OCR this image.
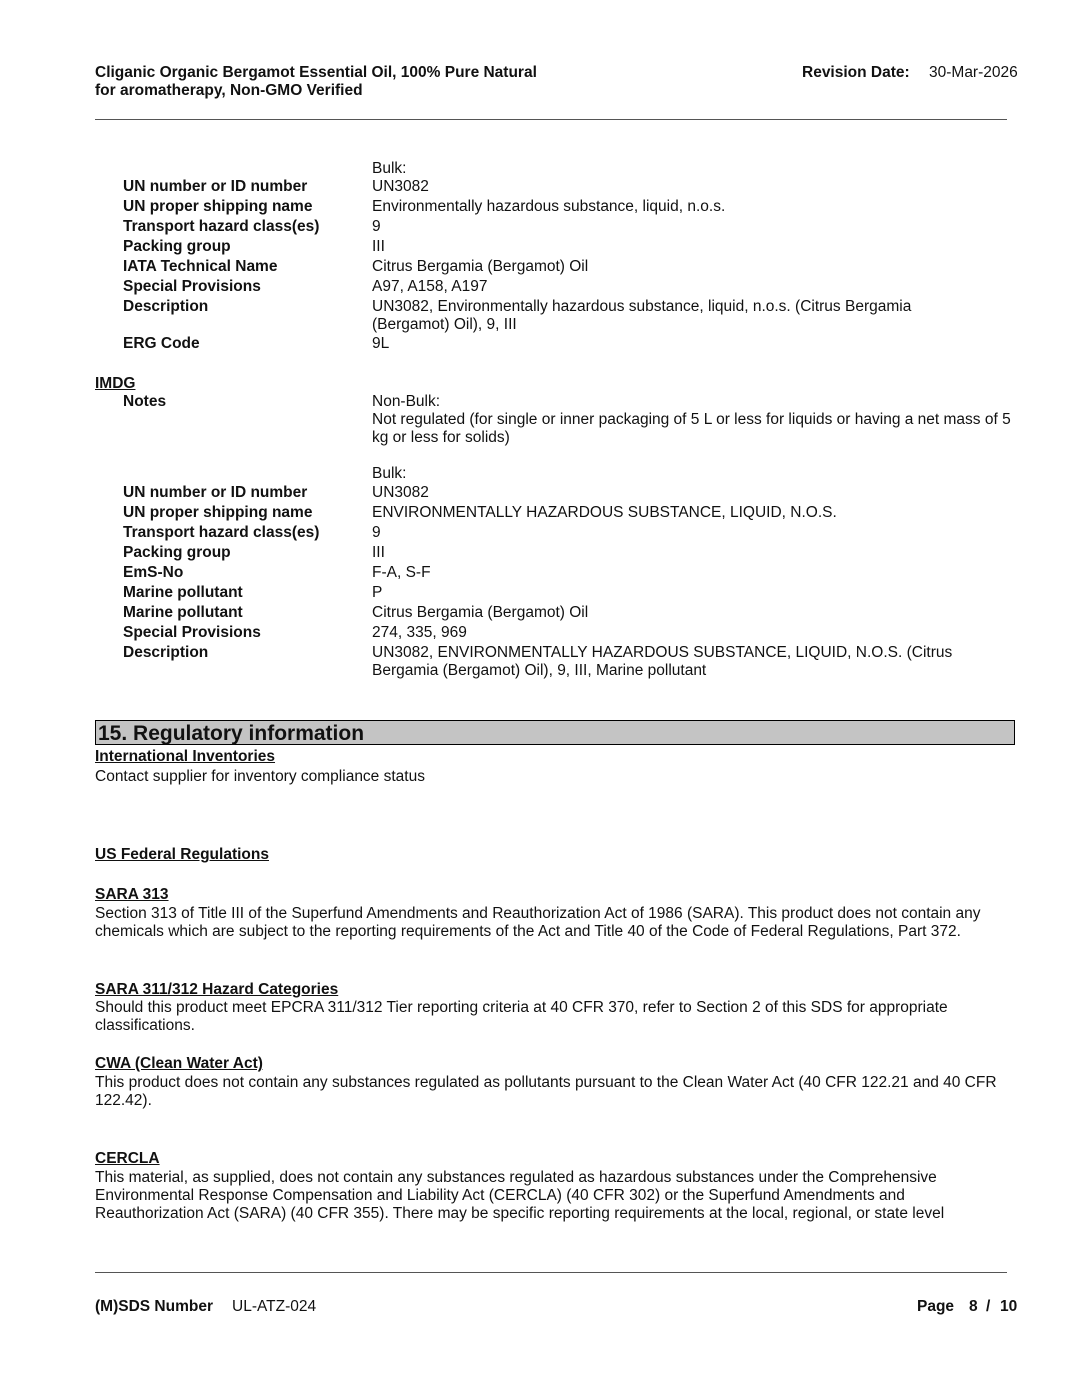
Cliganic Organic Bergamot Essential Oil, 100% Pure Natural
for aromatherapy, Non-GMO Verified
Revision Date: 30-Mar-2026
Bulk:
UN number or ID number	UN3082
UN proper shipping name	Environmentally hazardous substance, liquid, n.o.s.
Transport hazard class(es)	9
Packing group	III
IATA Technical Name	Citrus Bergamia (Bergamot) Oil
Special Provisions	A97, A158, A197
Description	UN3082, Environmentally hazardous substance, liquid, n.o.s. (Citrus Bergamia (Bergamot) Oil), 9, III
ERG Code	9L
IMDG
Notes	Non-Bulk:
Not regulated (for single or inner packaging of 5 L or less for liquids or having a net mass of 5 kg or less for solids)
Bulk:
UN number or ID number	UN3082
UN proper shipping name	ENVIRONMENTALLY HAZARDOUS SUBSTANCE, LIQUID, N.O.S.
Transport hazard class(es)	9
Packing group	III
EmS-No	F-A, S-F
Marine pollutant	P
Marine pollutant	Citrus Bergamia (Bergamot) Oil
Special Provisions	274, 335, 969
Description	UN3082, ENVIRONMENTALLY HAZARDOUS SUBSTANCE, LIQUID, N.O.S. (Citrus Bergamia (Bergamot) Oil), 9, III, Marine pollutant
15. Regulatory information
International Inventories
Contact supplier for inventory compliance status
US Federal Regulations
SARA 313
Section 313 of Title III of the Superfund Amendments and Reauthorization Act of 1986 (SARA). This product does not contain any chemicals which are subject to the reporting requirements of the Act and Title 40 of the Code of Federal Regulations, Part 372.
SARA 311/312 Hazard Categories
Should this product meet EPCRA 311/312 Tier reporting criteria at 40 CFR 370, refer to Section 2 of this SDS for appropriate classifications.
CWA (Clean Water Act)
This product does not contain any substances regulated as pollutants pursuant to the Clean Water Act (40 CFR 122.21 and 40 CFR 122.42).
CERCLA
This material, as supplied, does not contain any substances regulated as hazardous substances under the Comprehensive Environmental Response Compensation and Liability Act (CERCLA) (40 CFR 302) or the Superfund Amendments and Reauthorization Act (SARA) (40 CFR 355). There may be specific reporting requirements at the local, regional, or state level
(M)SDS Number UL-ATZ-024	Page 8 / 10
